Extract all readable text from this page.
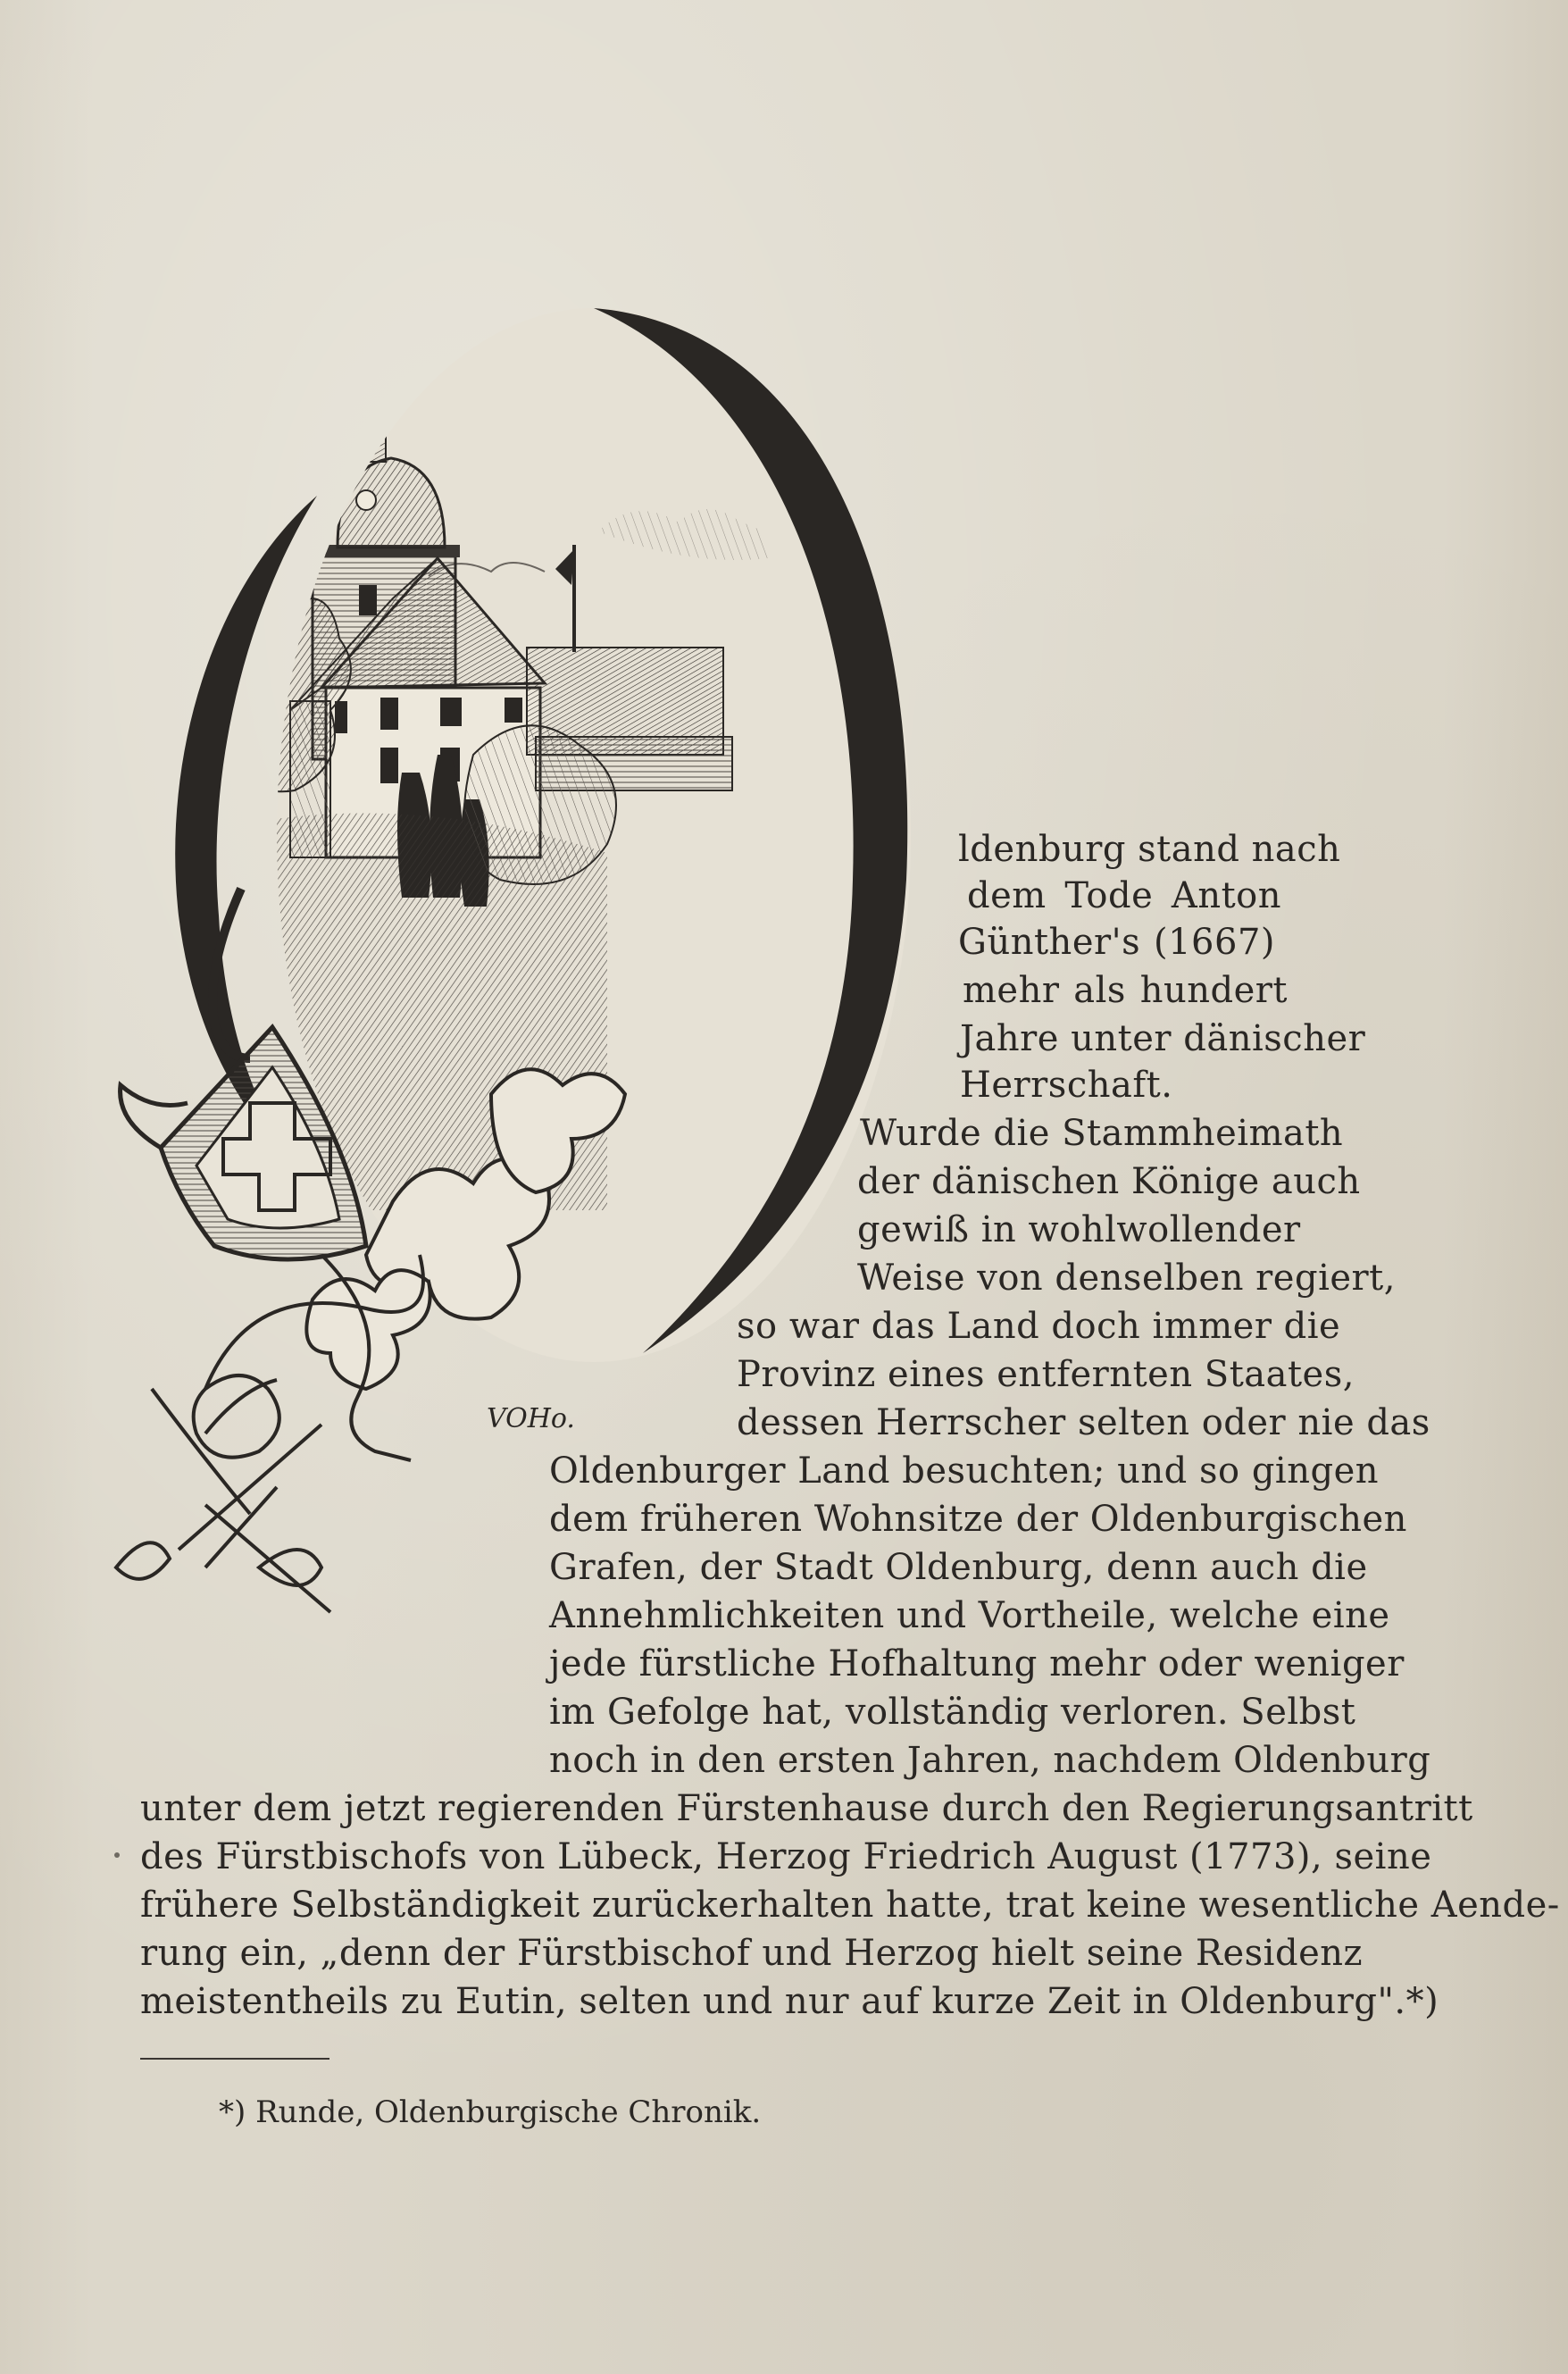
VOHo.
ldenburg stand nach
dem Tode Anton
Günther's (1667)
mehr als hundert
Jahre unter dänischer
Herrschaft.
Wurde die Stammheimath
der dänischen Könige auch
gewiß in wohlwollender
Weise von denselben regiert,
so war das Land doch immer die
Provinz eines entfernten Staates,
dessen Herrscher selten oder nie das
Oldenburger Land besuchten; und so gingen
dem früheren Wohnsitze der Oldenburgischen
Grafen, der Stadt Oldenburg, denn auch die
Annehmlichkeiten und Vortheile, welche eine
jede fürstliche Hofhaltung mehr oder weniger
im Gefolge hat, vollständig verloren. Selbst
noch in den ersten Jahren, nachdem Oldenburg
unter dem jetzt regierenden Fürstenhause durch den Regierungsantritt
des Fürstbischofs von Lübeck, Herzog Friedrich August (1773), seine
frühere Selbständigkeit zurückerhalten hatte, trat keine wesentliche Aende-
rung ein, „denn der Fürstbischof und Herzog hielt seine Residenz
meistentheils zu Eutin, selten und nur auf kurze Zeit in Oldenburg".*)
*) Runde, Oldenburgische Chronik.
